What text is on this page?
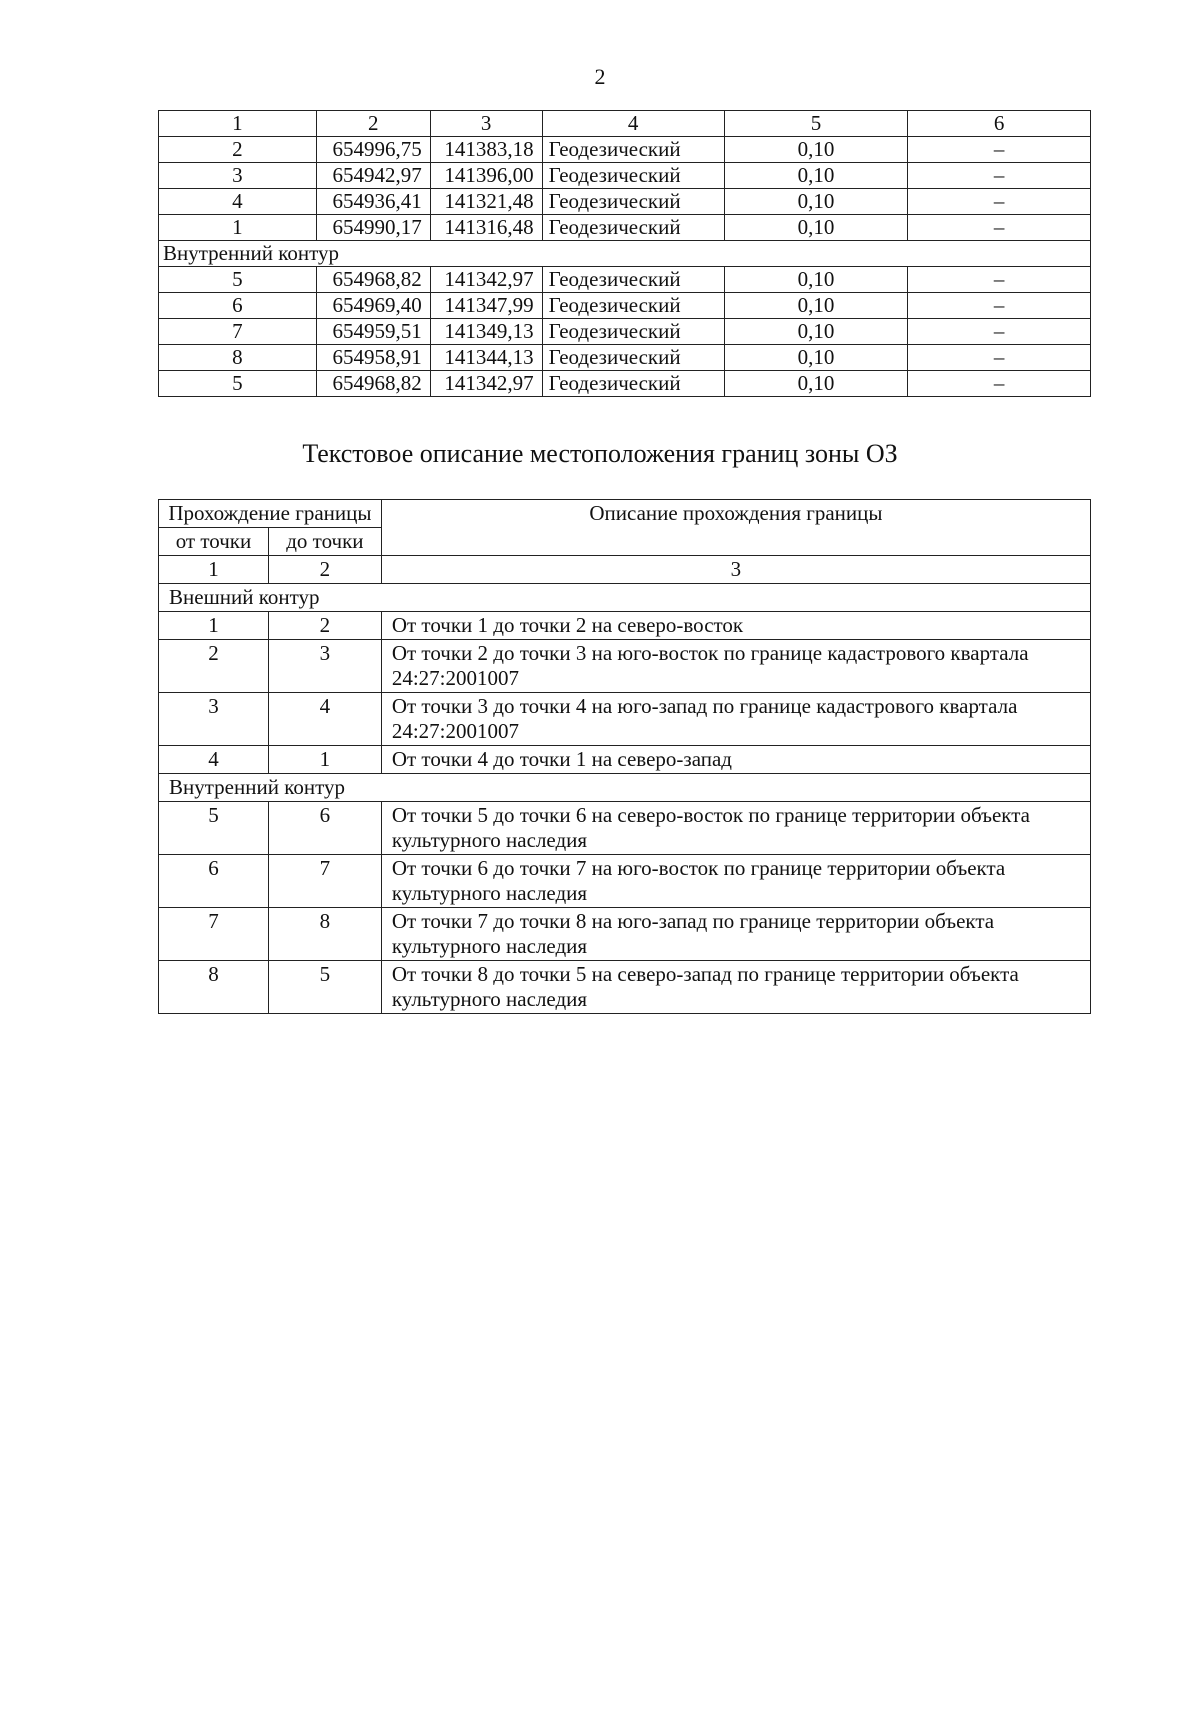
2
1	2	3	4	5	6
2	654996,75	141383,18	Геодезический	0,10	–
3	654942,97	141396,00	Геодезический	0,10	–
4	654936,41	141321,48	Геодезический	0,10	–
1	654990,17	141316,48	Геодезический	0,10	–
Внутренний контур					
5	654968,82	141342,97	Геодезический	0,10	–
6	654969,40	141347,99	Геодезический	0,10	–
7	654959,51	141349,13	Геодезический	0,10	–
8	654958,91	141344,13	Геодезический	0,10	–
5	654968,82	141342,97	Геодезический	0,10	–
Текстовое описание местоположения границ зоны ОЗ
Прохождение границы		Описание прохождения границы
от точки	до точки	
1	2	3
Внешний контур		
1	2	От точки 1 до точки 2 на северо-восток
2	3	От точки 2 до точки 3 на юго-восток по границе кадастрового квартала 24:27:2001007
3	4	От точки 3 до точки 4 на юго-запад по границе кадастрового квартала 24:27:2001007
4	1	От точки 4 до точки 1 на северо-запад
Внутренний контур		
5	6	От точки 5 до точки 6 на северо-восток по границе территории объекта культурного наследия
6	7	От точки 6 до точки 7 на юго-восток по границе территории объекта культурного наследия
7	8	От точки 7 до точки 8 на юго-запад по границе территории объекта культурного наследия
8	5	От точки 8 до точки 5 на северо-запад по границе территории объекта культурного наследия
